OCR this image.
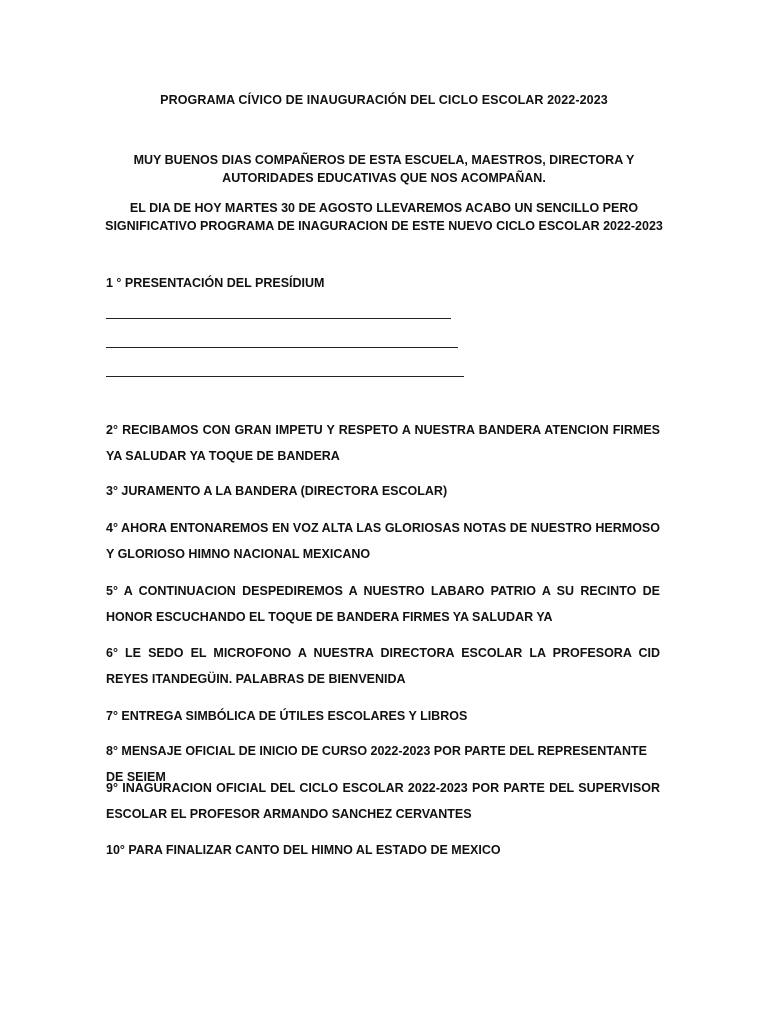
PROGRAMA CÍVICO DE INAUGURACIÓN DEL CICLO ESCOLAR 2022-2023
MUY BUENOS DIAS COMPAÑEROS DE ESTA ESCUELA, MAESTROS, DIRECTORA Y AUTORIDADES EDUCATIVAS QUE NOS ACOMPAÑAN.
EL DIA DE HOY MARTES 30 DE AGOSTO LLEVAREMOS ACABO UN SENCILLO PERO SIGNIFICATIVO PROGRAMA DE INAGURACION DE ESTE NUEVO CICLO ESCOLAR 2022-2023
1 ° PRESENTACIÓN DEL PRESÍDIUM
2° RECIBAMOS CON GRAN IMPETU Y RESPETO A NUESTRA BANDERA ATENCION FIRMES YA SALUDAR YA TOQUE DE BANDERA
3° JURAMENTO A LA BANDERA (DIRECTORA ESCOLAR)
4° AHORA ENTONAREMOS EN VOZ ALTA LAS GLORIOSAS NOTAS DE NUESTRO HERMOSO Y GLORIOSO HIMNO NACIONAL MEXICANO
5° A CONTINUACION DESPEDIREMOS A NUESTRO LABARO PATRIO A SU RECINTO DE HONOR ESCUCHANDO EL TOQUE DE BANDERA FIRMES YA SALUDAR YA
6° LE SEDO EL MICROFONO A NUESTRA DIRECTORA ESCOLAR LA PROFESORA CID REYES ITANDEGÜIN. PALABRAS DE BIENVENIDA
7° ENTREGA SIMBÓLICA DE ÚTILES ESCOLARES Y LIBROS
8° MENSAJE OFICIAL DE INICIO DE CURSO 2022-2023 POR PARTE DEL REPRESENTANTE DE SEIEM
9° INAGURACION OFICIAL DEL CICLO ESCOLAR 2022-2023 POR PARTE DEL SUPERVISOR ESCOLAR EL PROFESOR ARMANDO SANCHEZ CERVANTES
10° PARA FINALIZAR CANTO DEL HIMNO AL ESTADO DE MEXICO
